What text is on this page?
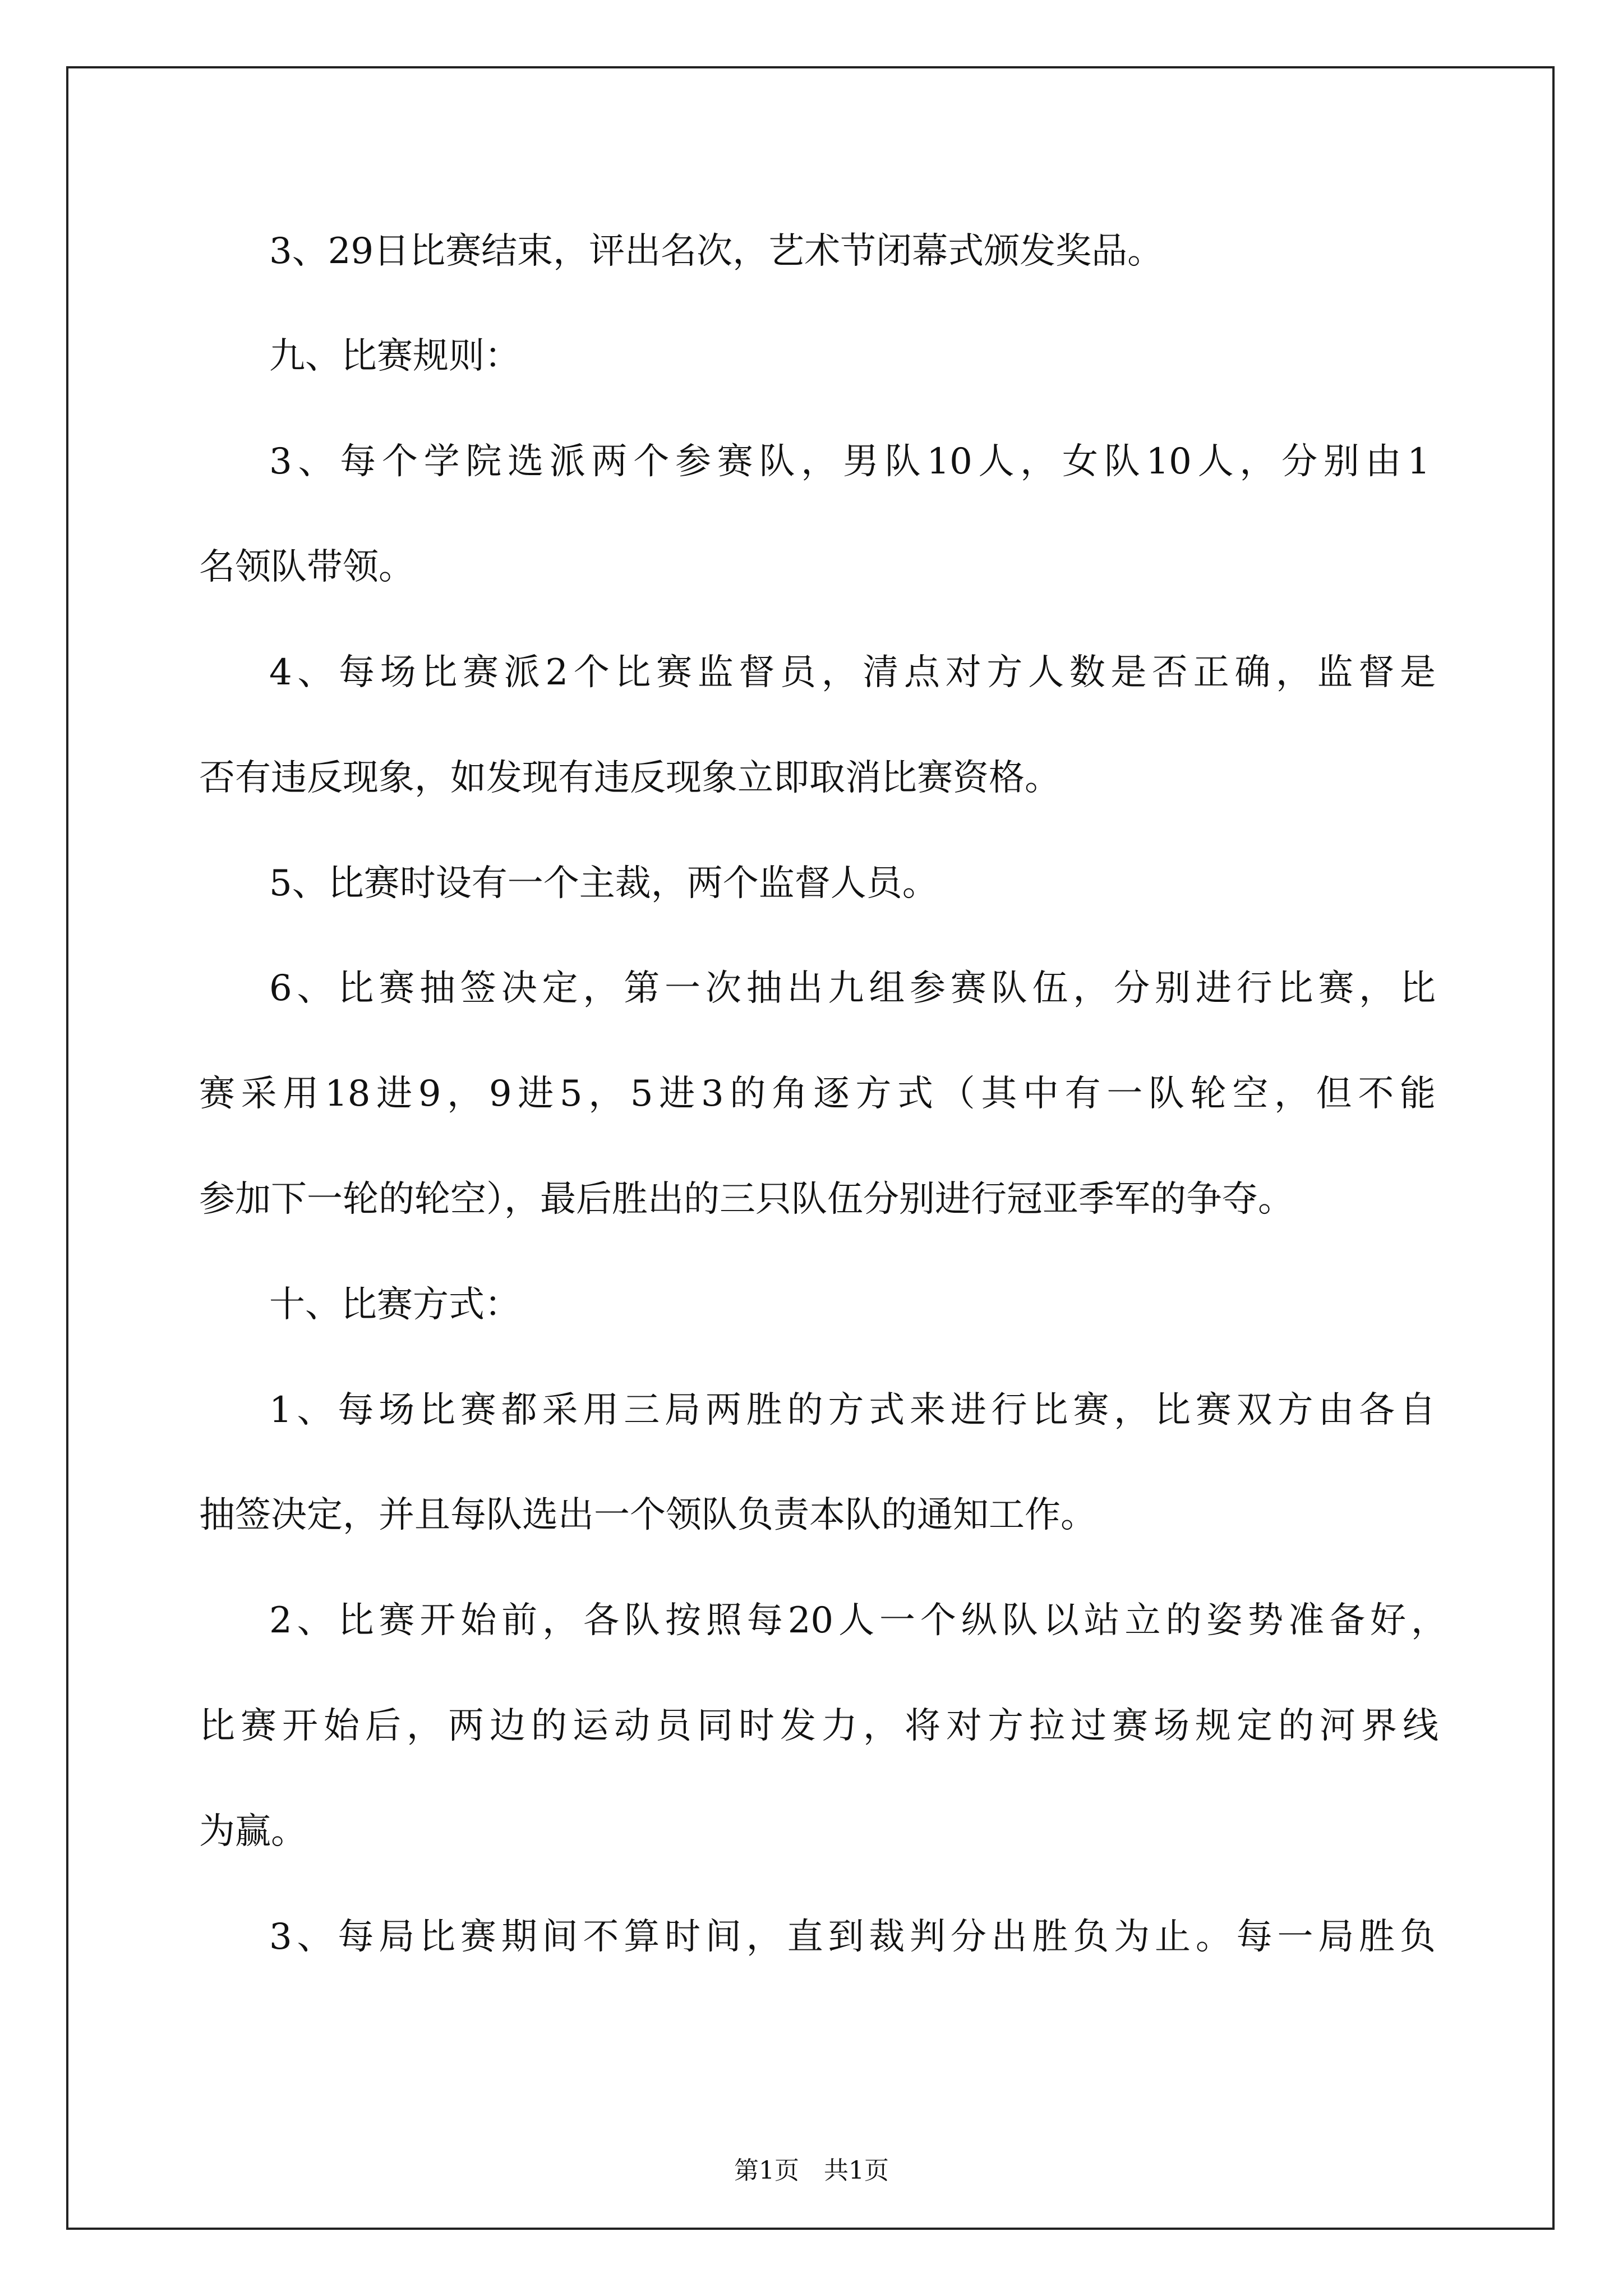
3、29日比赛结束，评出名次，艺术节闭幕式颁发奖品。
九、比赛规则：
3、每个学院选派两个参赛队，男队10人，女队10人，分别由1
名领队带领。
4、每场比赛派2个比赛监督员，清点对方人数是否正确，监督是
否有违反现象，如发现有违反现象立即取消比赛资格。
5、比赛时设有一个主裁，两个监督人员。
6、比赛抽签决定，第一次抽出九组参赛队伍，分别进行比赛，比
赛采用18进9，9进5，5进3的角逐方式（其中有一队轮空，但不能
参加下一轮的轮空），最后胜出的三只队伍分别进行冠亚季军的争夺。
十、比赛方式：
1、每场比赛都采用三局两胜的方式来进行比赛，比赛双方由各自
抽签决定，并且每队选出一个领队负责本队的通知工作。
2、比赛开始前，各队按照每20人一个纵队以站立的姿势准备好，
比赛开始后，两边的运动员同时发力，将对方拉过赛场规定的河界线
为赢。
3、每局比赛期间不算时间，直到裁判分出胜负为止。每一局胜负
第1页　共1页
